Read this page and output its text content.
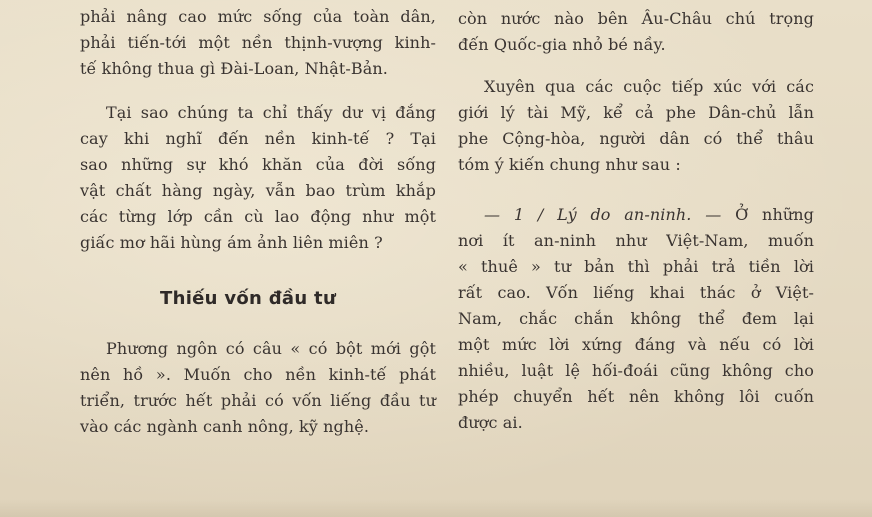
phải nâng cao mức sống của toàn dân,
phải tiến-tới một nền thịnh-vượng kinh-
tế không thua gì Đài-Loan, Nhật-Bản.
Tại sao chúng ta chỉ thấy dư vị đắng
cay khi nghĩ đến nền kinh-tế ? Tại
sao những sự khó khăn của đời sống
vật chất hàng ngày, vẫn bao trùm khắp
các từng lớp cần cù lao động như một
giấc mơ hãi hùng ám ảnh liên miên ?
Phương ngôn có câu « có bột mới gột
nên hồ ». Muốn cho nền kinh-tế phát
triển, trước hết phải có vốn liếng đầu tư
vào các ngành canh nông, kỹ nghệ.
Thiếu vốn đầu tư
còn nước nào bên Âu-Châu chú trọng
đến Quốc-gia nhỏ bé nầy.
Xuyên qua các cuộc tiếp xúc với các
giới lý tài Mỹ, kể cả phe Dân-chủ lẫn
phe Cộng-hòa, người dân có thể thâu
tóm ý kiến chung như sau :
— 1 / Lý do an-ninh. — Ở những
nơi ít an-ninh như Việt-Nam, muốn
« thuê » tư bản thì phải trả tiền lời
rất cao. Vốn liếng khai thác ở Việt-
Nam, chắc chắn không thể đem lại
một mức lời xứng đáng và nếu có lời
nhiều, luật lệ hối-đoái cũng không cho
phép chuyển hết nên không lôi cuốn
được ai.
